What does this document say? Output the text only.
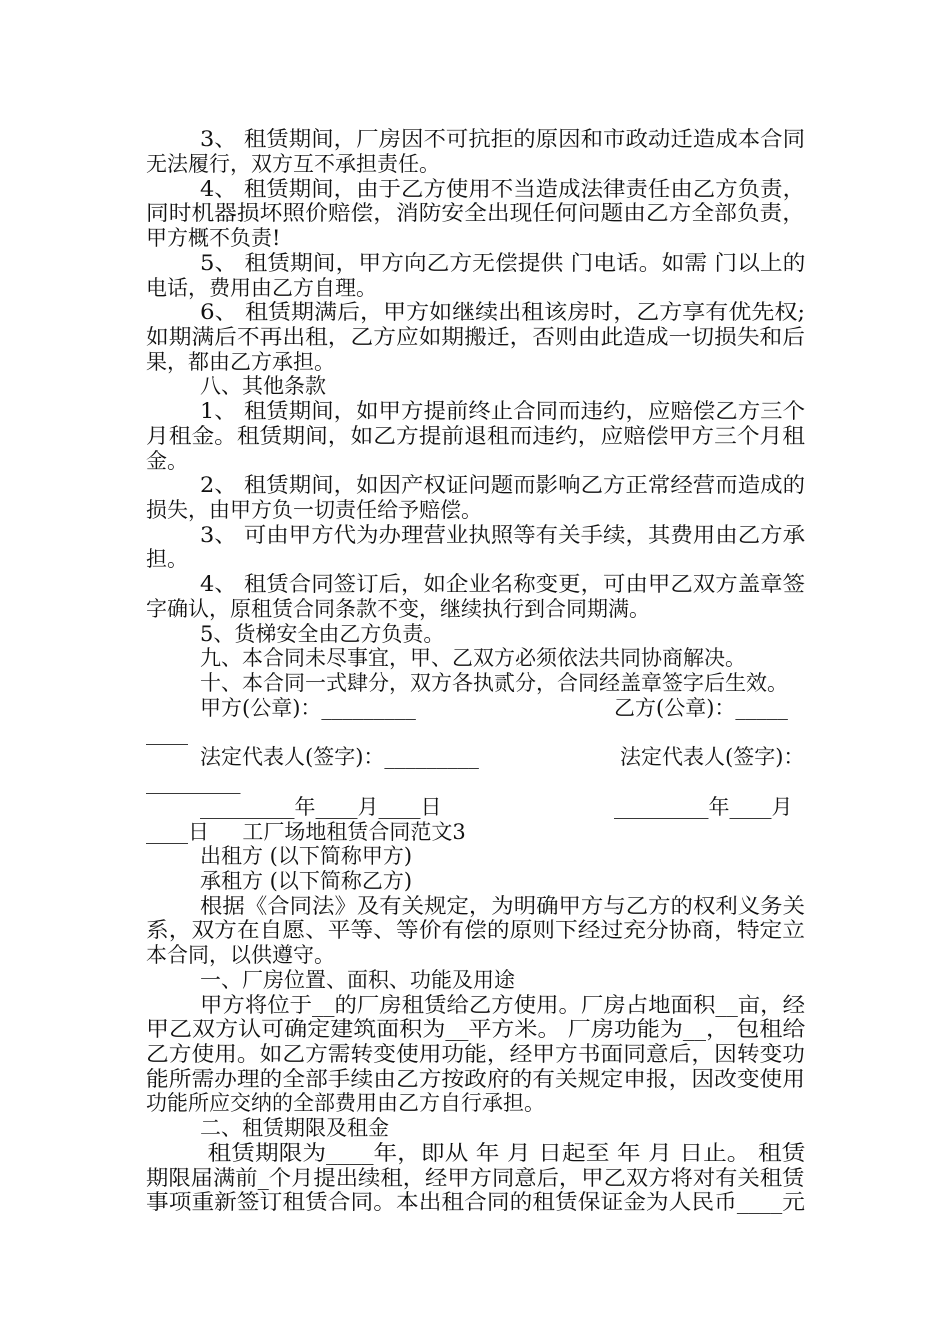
3、 租赁期间，厂房因不可抗拒的原因和市政动迁造成本合同
无法履行，双方互不承担责任。
4、 租赁期间，由于乙方使用不当造成法律责任由乙方负责，
同时机器损坏照价赔偿，消防安全出现任何问题由乙方全部负责，
甲方概不负责!
5、 租赁期间，甲方向乙方无偿提供 门电话。如需 门以上的
电话，费用由乙方自理。
6、 租赁期满后，甲方如继续出租该房时，乙方享有优先权;
如期满后不再出租，乙方应如期搬迁，否则由此造成一切损失和后
果，都由乙方承担。
八、其他条款
1、 租赁期间，如甲方提前终止合同而违约，应赔偿乙方三个
月租金。租赁期间，如乙方提前退租而违约，应赔偿甲方三个月租
金。
2、 租赁期间，如因产权证问题而影响乙方正常经营而造成的
损失，由甲方负一切责任给予赔偿。
3、 可由甲方代为办理营业执照等有关手续，其费用由乙方承
担。
4、 租赁合同签订后，如企业名称变更，可由甲乙双方盖章签
字确认，原租赁合同条款不变，继续执行到合同期满。
5、货梯安全由乙方负责。
九、本合同未尽事宜，甲、乙双方必须依法共同协商解决。
十、本合同一式肆分，双方各执贰分，合同经盖章签字后生效。
甲方(公章)：_________	乙方(公章)：_____
____
法定代表人(签字)：_________	法定代表人(签字)：
_________
_________年____月____日	_________年____月
____日     工厂场地租赁合同范文3
出租方 (以下简称甲方)
承租方 (以下简称乙方)
根据《合同法》及有关规定，为明确甲方与乙方的权利义务关
系，双方在自愿、平等、等价有偿的原则下经过充分协商，特定立
本合同，以供遵守。
一、厂房位置、面积、功能及用途
甲方将位于__的厂房租赁给乙方使用。厂房占地面积__亩，经
甲乙双方认可确定建筑面积为__平方米。 厂房功能为__， 包租给
乙方使用。如乙方需转变使用功能，经甲方书面同意后，因转变功
能所需办理的全部手续由乙方按政府的有关规定申报，因改变使用
功能所应交纳的全部费用由乙方自行承担。
二、租赁期限及租金
租赁期限为____年，即从 年 月 日起至 年 月 日止。 租赁
期限届满前_个月提出续租，经甲方同意后，甲乙双方将对有关租赁
事项重新签订租赁合同。本出租合同的租赁保证金为人民币____元
